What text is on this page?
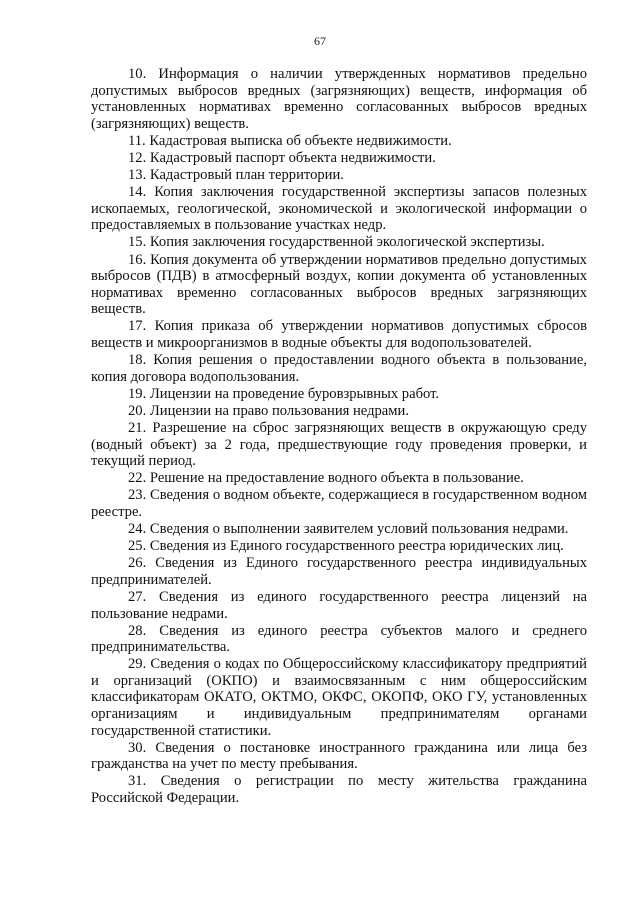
67

10. Информация о наличии утвержденных нормативов предельно допустимых выбросов вредных (загрязняющих) веществ, информация об установленных нормативах временно согласованных выбросов вредных (загрязняющих) веществ.

11. Кадастровая выписка об объекте недвижимости.

12. Кадастровый паспорт объекта недвижимости.

13. Кадастровый план территории.

14. Копия заключения государственной экспертизы запасов полезных ископаемых, геологической, экономической и экологической информации о предоставляемых в пользование участках недр.

15. Копия заключения государственной экологической экспертизы.

16. Копия документа об утверждении нормативов предельно допустимых выбросов (ПДВ) в атмосферный воздух, копии документа об установленных нормативах временно согласованных выбросов вредных загрязняющих веществ.

17. Копия приказа об утверждении нормативов допустимых сбросов веществ и микроорганизмов в водные объекты для водопользователей.

18. Копия решения о предоставлении водного объекта в пользование, копия договора водопользования.

19. Лицензии на проведение буровзрывных работ.

20. Лицензии на право пользования недрами.

21. Разрешение на сброс загрязняющих веществ в окружающую среду (водный объект) за 2 года, предшествующие году проведения проверки, и текущий период.

22. Решение на предоставление водного объекта в пользование.

23. Сведения о водном объекте, содержащиеся в государственном водном реестре.

24. Сведения о выполнении заявителем условий пользования недрами.

25. Сведения из Единого государственного реестра юридических лиц.

26. Сведения из Единого государственного реестра индивидуальных предпринимателей.

27. Сведения из единого государственного реестра лицензий на пользование недрами.

28. Сведения из единого реестра субъектов малого и среднего предпринимательства.

29. Сведения о кодах по Общероссийскому классификатору предприятий и организаций (ОКПО) и взаимосвязанным с ним общероссийским классификаторам ОКАТО, ОКТМО, ОКФС, ОКОПФ, ОКО ГУ, установленных организациям и индивидуальным предпринимателям органами государственной статистики.

30. Сведения о постановке иностранного гражданина или лица без гражданства на учет по месту пребывания.

31. Сведения о регистрации по месту жительства гражданина Российской Федерации.
